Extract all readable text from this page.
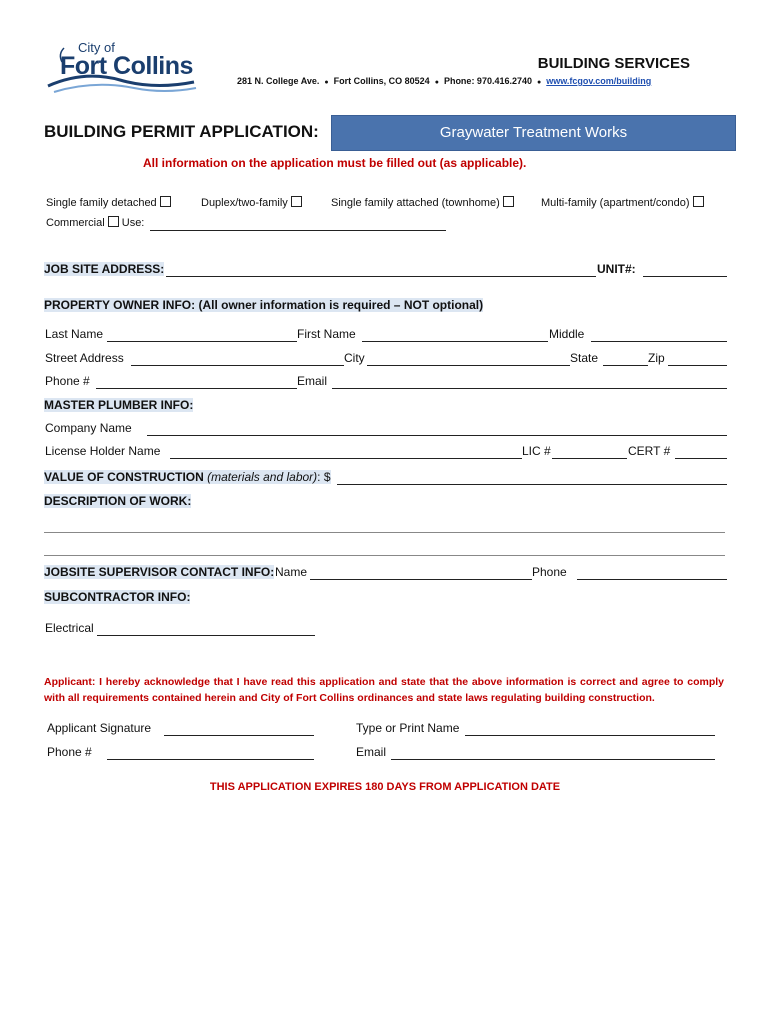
City of
Fort Collins	BUILDING SERVICES
281 N. College Ave. ● Fort Collins, CO 80524 ● Phone: 970.416.2740 ● www.fcgov.com/building
BUILDING PERMIT APPLICATION:	Graywater Treatment Works
All information on the application must be filled out (as applicable).
Single family detached	Duplex/two-family	Single family attached (townhome)	Multi-family (apartment/condo)
Commercial Use:
JOB SITE ADDRESS:	UNIT#:
PROPERTY OWNER INFO: (All owner information is required – NOT optional)
Last Name	First Name	Middle
Street Address	City	State	Zip
Phone #	Email
MASTER PLUMBER INFO:
Company Name
License Holder Name	LIC #	CERT #
VALUE OF CONSTRUCTION (materials and labor): $
DESCRIPTION OF WORK:
JOBSITE SUPERVISOR CONTACT INFO: Name	Phone
SUBCONTRACTOR INFO:
Electrical
Applicant: I hereby acknowledge that I have read this application and state that the above information is correct and agree to comply with all requirements contained herein and City of Fort Collins ordinances and state laws regulating building construction.
Applicant Signature	Type or Print Name
Phone #	Email
THIS APPLICATION EXPIRES 180 DAYS FROM APPLICATION DATE
